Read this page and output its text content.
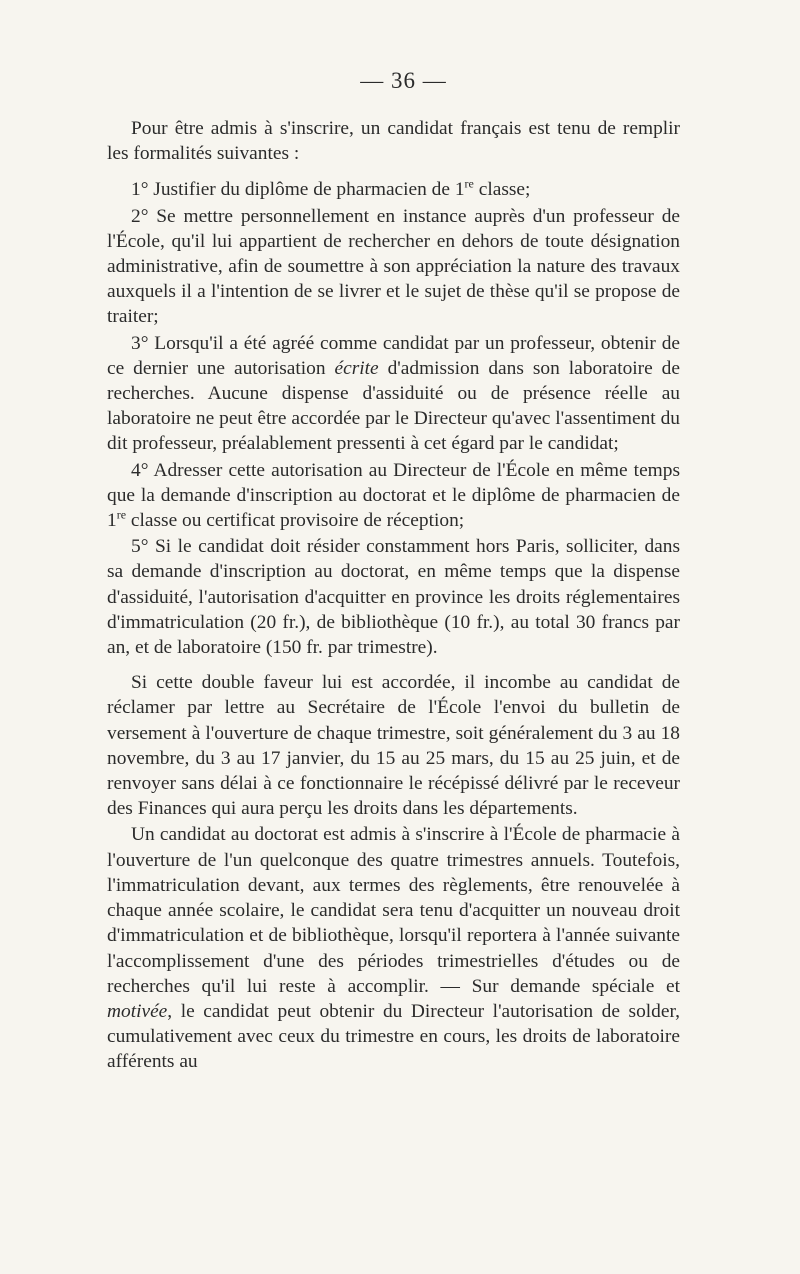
— 36 —

Pour être admis à s'inscrire, un candidat français est tenu de remplir les formalités suivantes :

1° Justifier du diplôme de pharmacien de 1re classe;

2° Se mettre personnellement en instance auprès d'un professeur de l'École, qu'il lui appartient de rechercher en dehors de toute désignation administrative, afin de soumettre à son appréciation la nature des travaux auxquels il a l'intention de se livrer et le sujet de thèse qu'il se propose de traiter;

3° Lorsqu'il a été agréé comme candidat par un professeur, obtenir de ce dernier une autorisation écrite d'admission dans son laboratoire de recherches. Aucune dispense d'assiduité ou de présence réelle au laboratoire ne peut être accordée par le Directeur qu'avec l'assentiment du dit professeur, préalablement pressenti à cet égard par le candidat;

4° Adresser cette autorisation au Directeur de l'École en même temps que la demande d'inscription au doctorat et le diplôme de pharmacien de 1re classe ou certificat provisoire de réception;

5° Si le candidat doit résider constamment hors Paris, solliciter, dans sa demande d'inscription au doctorat, en même temps que la dispense d'assiduité, l'autorisation d'acquitter en province les droits réglementaires d'immatriculation (20 fr.), de bibliothèque (10 fr.), au total 30 francs par an, et de laboratoire (150 fr. par trimestre).

Si cette double faveur lui est accordée, il incombe au candidat de réclamer par lettre au Secrétaire de l'École l'envoi du bulletin de versement à l'ouverture de chaque trimestre, soit généralement du 3 au 18 novembre, du 3 au 17 janvier, du 15 au 25 mars, du 15 au 25 juin, et de renvoyer sans délai à ce fonctionnaire le récépissé délivré par le receveur des Finances qui aura perçu les droits dans les départements.

Un candidat au doctorat est admis à s'inscrire à l'École de pharmacie à l'ouverture de l'un quelconque des quatre trimestres annuels. Toutefois, l'immatriculation devant, aux termes des règlements, être renouvelée à chaque année scolaire, le candidat sera tenu d'acquitter un nouveau droit d'immatriculation et de bibliothèque, lorsqu'il reportera à l'année suivante l'accomplissement d'une des périodes trimestrielles d'études ou de recherches qu'il lui reste à accomplir. — Sur demande spéciale et motivée, le candidat peut obtenir du Directeur l'autorisation de solder, cumulativement avec ceux du trimestre en cours, les droits de laboratoire afférents au
